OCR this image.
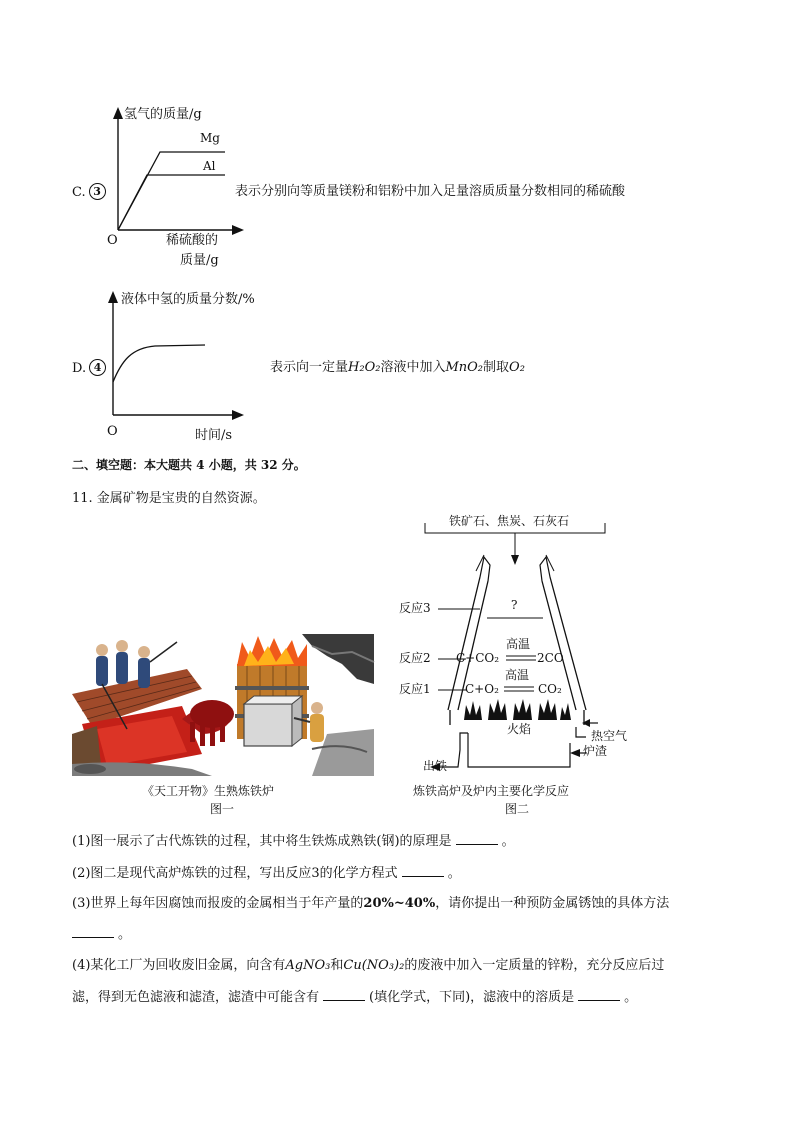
C. 3
氢气的质量/g
Mg
Al
O	稀硫酸的
质量/g
表示分别向等质量镁粉和铝粉中加入足量溶质质量分数相同的稀硫酸
D. 4
液体中氢的质量分数/%
O	时间/s
表示向一定量H₂O₂溶液中加入MnO₂制取O₂
二、填空题：本大题共 4 小题，共 32 分。
11. 金属矿物是宝贵的自然资源。
《天工开物》生熟炼铁炉
图一
铁矿石、焦炭、石灰石
?
反应3
反应2
反应1
C+CO₂
高温
2CO
C+O₂
高温
CO₂
火焰	热空气
炉渣
出铁
炼铁高炉及炉内主要化学反应
图二
(1)图一展示了古代炼铁的过程，其中将生铁炼成熟铁(钢)的原理是	。
(2)图二是现代高炉炼铁的过程，写出反应3的化学方程式	。
(3)世界上每年因腐蚀而报废的金属相当于年产量的20%~40%，请你提出一种预防金属锈蚀的具体方法
。
(4)某化工厂为回收废旧金属，向含有AgNO₃和Cu(NO₃)₂的废液中加入一定质量的锌粉，充分反应后过
滤，得到无色滤液和滤渣，滤渣中可能含有	(填化学式，下同)，滤液中的溶质是	。
